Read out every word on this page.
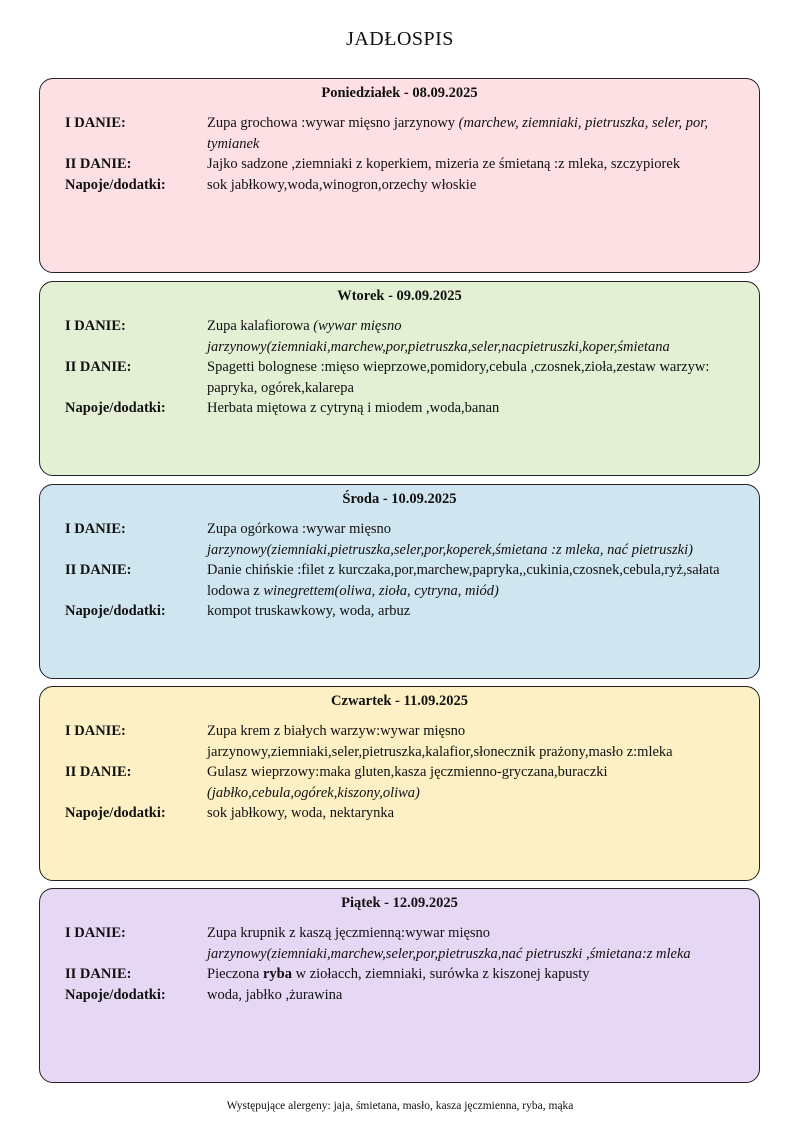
JADŁOSPIS
Poniedziałek - 08.09.2025
I DANIE:	Zupa grochowa :wywar mięsno jarzynowy (marchew, ziemniaki, pietruszka, seler, por, tymianek
II DANIE:	Jajko sadzone ,ziemniaki z koperkiem, mizeria ze śmietaną :z mleka, szczypiorek
Napoje/dodatki:	sok jabłkowy,woda,winogron,orzechy włoskie
Wtorek - 09.09.2025
I DANIE:	Zupa kalafiorowa (wywar mięsno jarzynowy(ziemniaki,marchew,por,pietruszka,seler,nacpietruszki,koper,śmietana
II DANIE:	Spagetti bolognese :mięso wieprzowe,pomidory,cebula ,czosnek,zioła,zestaw warzyw: papryka, ogórek,kalarepa
Napoje/dodatki:	Herbata miętowa z cytryną i miodem ,woda,banan
Środa - 10.09.2025
I DANIE:	Zupa ogórkowa :wywar mięsno jarzynowy(ziemniaki,pietruszka,seler,por,koperek,śmietana :z mleka, nać pietruszki)
II DANIE:	Danie chińskie :filet z kurczaka,por,marchew,papryka,,cukinia,czosnek,cebula,ryż,sałata lodowa z winegrettem(oliwa, zioła, cytryna, miód)
Napoje/dodatki:	kompot truskawkowy, woda, arbuz
Czwartek - 11.09.2025
I DANIE:	Zupa krem z białych warzyw:wywar mięsno jarzynowy,ziemniaki,seler,pietruszka,kalafior,słonecznik prażony,masło z:mleka
II DANIE:	Gulasz wieprzowy:maka gluten,kasza jęczmienno-gryczana,buraczki (jabłko,cebula,ogórek,kiszony,oliwa)
Napoje/dodatki:	sok jabłkowy, woda, nektarynka
Piątek - 12.09.2025
I DANIE:	Zupa krupnik z kaszą jęczmienną:wywar mięsno jarzynowy(ziemniaki,marchew,seler,por,pietruszka,nać pietruszki ,śmietana:z mleka
II DANIE:	Pieczona ryba w ziołacch, ziemniaki, surówka z kiszonej kapusty
Napoje/dodatki:	woda, jabłko ,żurawina
Występujące alergeny: jaja, śmietana, masło, kasza jęczmienna, ryba, mąka
